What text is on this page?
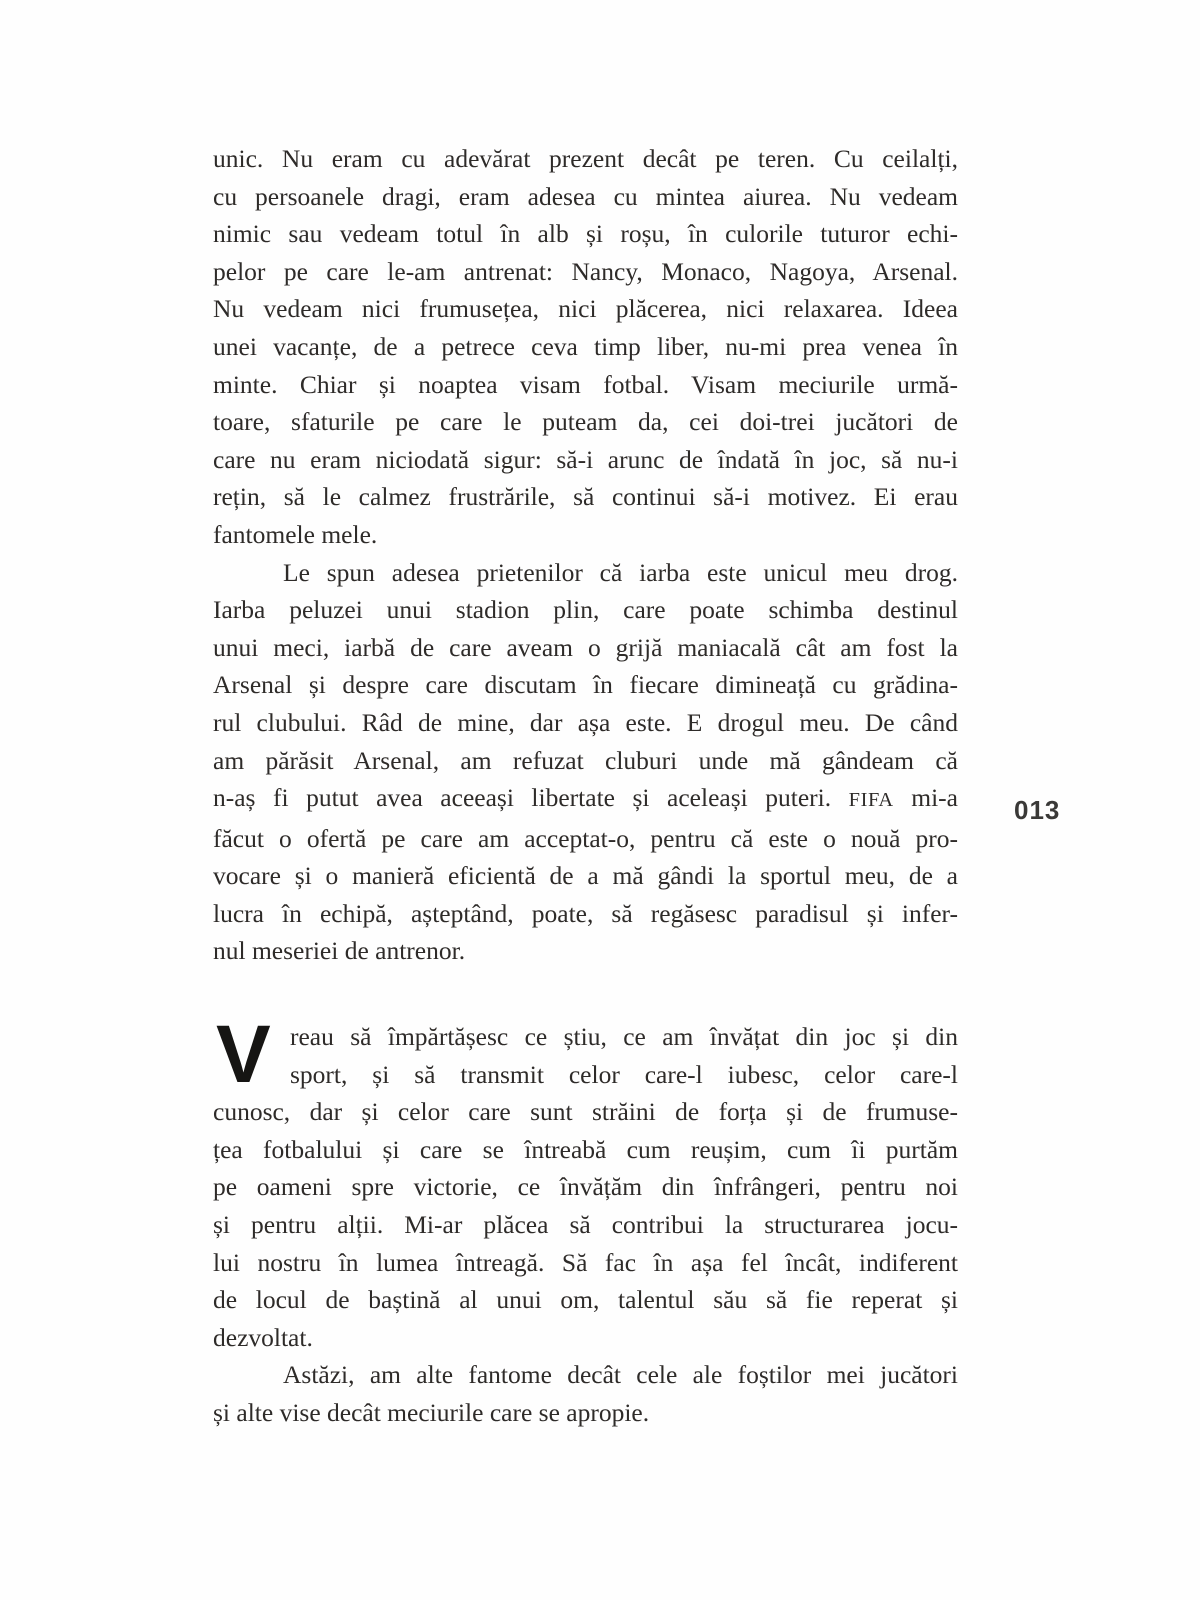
unic. Nu eram cu adevărat prezent decât pe teren. Cu ceilalți,
cu persoanele dragi, eram adesea cu mintea aiurea. Nu vedeam
nimic sau vedeam totul în alb și roșu, în culorile tuturor echi-
pelor pe care le-am antrenat: Nancy, Monaco, Nagoya, Arsenal.
Nu vedeam nici frumusețea, nici plăcerea, nici relaxarea. Ideea
unei vacanțe, de a petrece ceva timp liber, nu-mi prea venea în
minte. Chiar și noaptea visam fotbal. Visam meciurile urmă-
toare, sfaturile pe care le puteam da, cei doi-trei jucători de
care nu eram niciodată sigur: să-i arunc de îndată în joc, să nu-i
rețin, să le calmez frustrările, să continui să-i motivez. Ei erau
fantomele mele.
Le spun adesea prietenilor că iarba este unicul meu drog.
Iarba peluzei unui stadion plin, care poate schimba destinul
unui meci, iarbă de care aveam o grijă maniacală cât am fost la
Arsenal și despre care discutam în fiecare dimineață cu grădina-
rul clubului. Râd de mine, dar așa este. E drogul meu. De când
am părăsit Arsenal, am refuzat cluburi unde mă gândeam că
n-aș fi putut avea aceeași libertate și aceleași puteri. FIFA mi-a
făcut o ofertă pe care am acceptat-o, pentru că este o nouă pro-
vocare și o manieră eficientă de a mă gândi la sportul meu, de a
lucra în echipă, așteptând, poate, să regăsesc paradisul și infer-
nul meseriei de antrenor.
V reau să împărtășesc ce știu, ce am învățat din joc și din
sport, și să transmit celor care-l iubesc, celor care-l
cunosc, dar și celor care sunt străini de forța și de frumuse-
țea fotbalului și care se întreabă cum reușim, cum îi purtăm
pe oameni spre victorie, ce învățăm din înfrângeri, pentru noi
și pentru alții. Mi-ar plăcea să contribui la structurarea jocu-
lui nostru în lumea întreagă. Să fac în așa fel încât, indiferent
de locul de baștină al unui om, talentul său să fie reperat și
dezvoltat.
Astăzi, am alte fantome decât cele ale foștilor mei jucători
și alte vise decât meciurile care se apropie.
013
